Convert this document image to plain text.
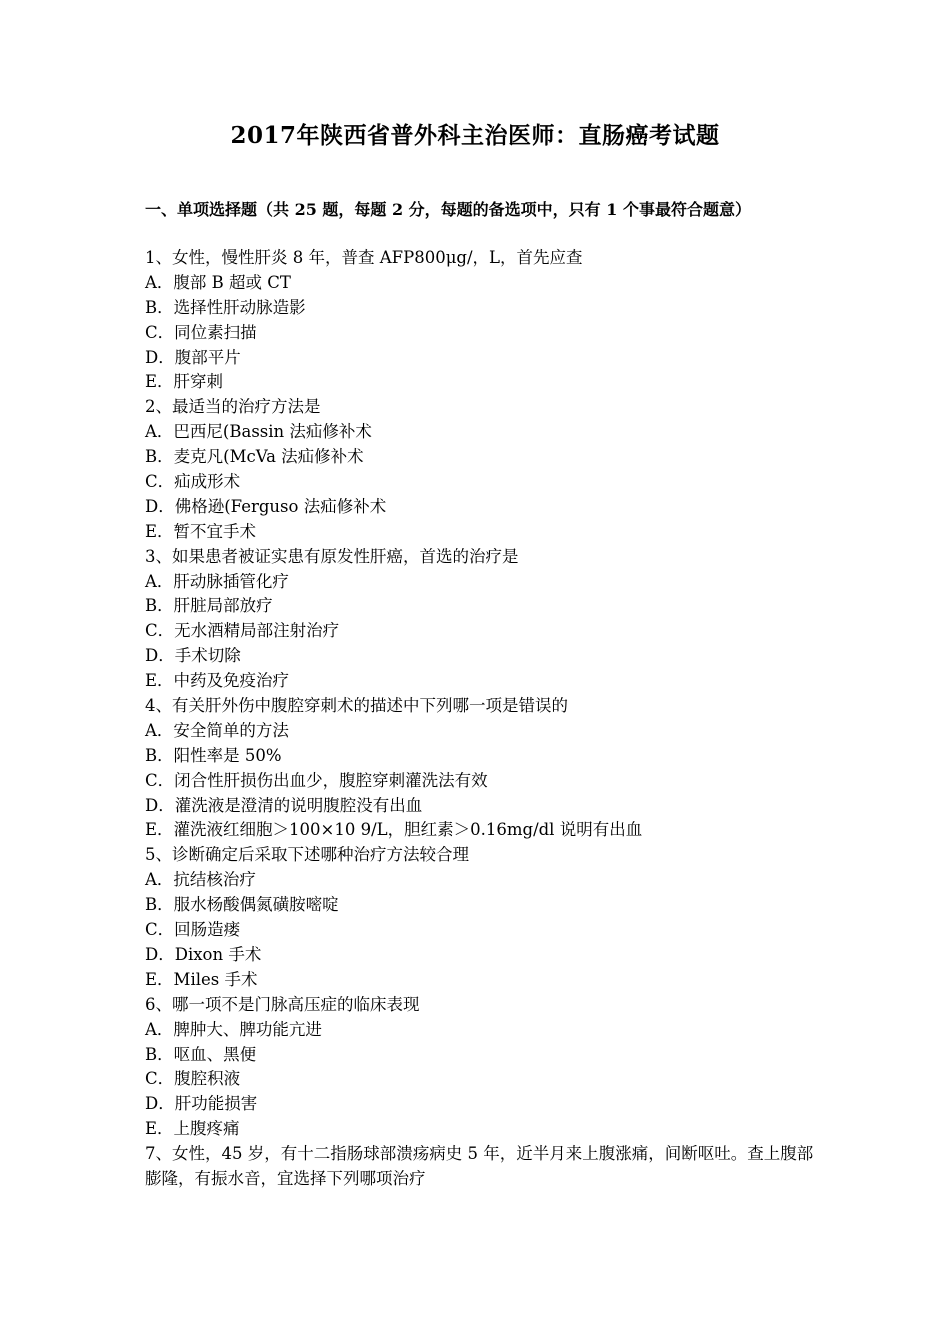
2017年陕西省普外科主治医师：直肠癌考试题
一、单项选择题（共 25 题，每题 2 分，每题的备选项中，只有 1 个事最符合题意）
1、女性，慢性肝炎 8 年，普查 AFP800μg/，L，首先应查
A．腹部 B 超或 CT
B．选择性肝动脉造影
C．同位素扫描
D．腹部平片
E．肝穿刺
2、最适当的治疗方法是
A．巴西尼(Bassin 法疝修补术
B．麦克凡(McVa 法疝修补术
C．疝成形术
D．佛格逊(Ferguso 法疝修补术
E．暂不宜手术
3、如果患者被证实患有原发性肝癌，首选的治疗是
A．肝动脉插管化疗
B．肝脏局部放疗
C．无水酒精局部注射治疗
D．手术切除
E．中药及免疫治疗
4、有关肝外伤中腹腔穿刺术的描述中下列哪一项是错误的
A．安全简单的方法
B．阳性率是 50%
C．闭合性肝损伤出血少，腹腔穿刺灌洗法有效
D．灌洗液是澄清的说明腹腔没有出血
E．灌洗液红细胞＞100×10 9/L，胆红素＞0.16mg/dl 说明有出血
5、诊断确定后采取下述哪种治疗方法较合理
A．抗结核治疗
B．服水杨酸偶氮磺胺嘧啶
C．回肠造瘘
D．Dixon 手术
E．Miles 手术
6、哪一项不是门脉高压症的临床表现
A．脾肿大、脾功能亢进
B．呕血、黑便
C．腹腔积液
D．肝功能损害
E．上腹疼痛
7、女性，45 岁，有十二指肠球部溃疡病史 5 年，近半月来上腹涨痛，间断呕吐。查上腹部膨隆，有振水音，宜选择下列哪项治疗
